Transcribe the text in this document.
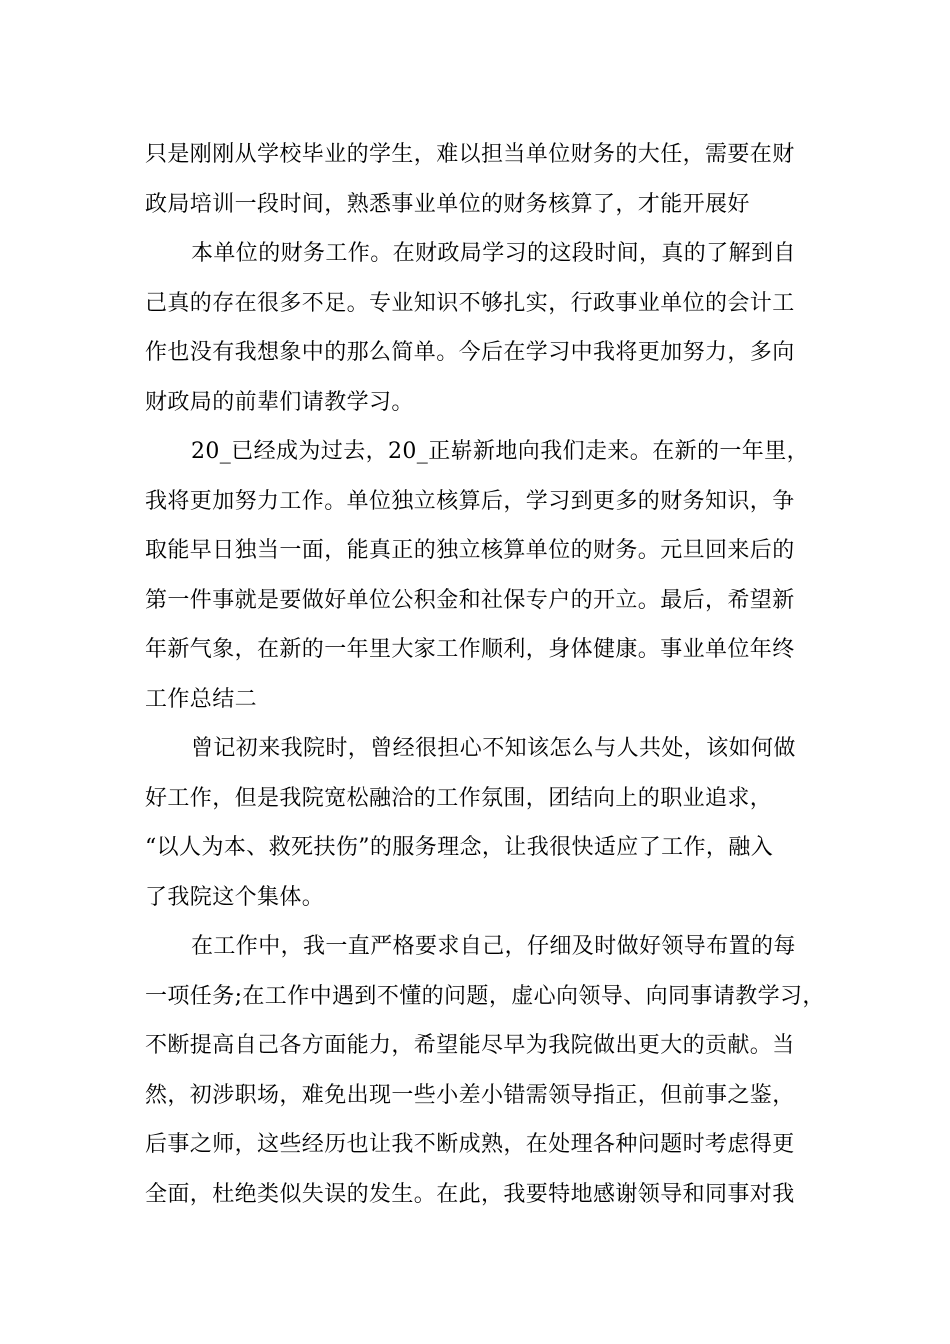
只是刚刚从学校毕业的学生，难以担当单位财务的大任，需要在财
政局培训一段时间，熟悉事业单位的财务核算了，才能开展好
本单位的财务工作。在财政局学习的这段时间，真的了解到自
己真的存在很多不足。专业知识不够扎实，行政事业单位的会计工
作也没有我想象中的那么简单。今后在学习中我将更加努力，多向
财政局的前辈们请教学习。
20_已经成为过去，20_正崭新地向我们走来。在新的一年里，
我将更加努力工作。单位独立核算后，学习到更多的财务知识，争
取能早日独当一面，能真正的独立核算单位的财务。元旦回来后的
第一件事就是要做好单位公积金和社保专户的开立。最后，希望新
年新气象，在新的一年里大家工作顺利，身体健康。事业单位年终
工作总结二
曾记初来我院时，曾经很担心不知该怎么与人共处，该如何做
好工作，但是我院宽松融洽的工作氛围，团结向上的职业追求，
“以人为本、救死扶伤”的服务理念，让我很快适应了工作，融入
了我院这个集体。
在工作中，我一直严格要求自己，仔细及时做好领导布置的每
一项任务;在工作中遇到不懂的问题，虚心向领导、向同事请教学习，
不断提高自己各方面能力，希望能尽早为我院做出更大的贡献。当
然，初涉职场，难免出现一些小差小错需领导指正，但前事之鉴，
后事之师，这些经历也让我不断成熟，在处理各种问题时考虑得更
全面，杜绝类似失误的发生。在此，我要特地感谢领导和同事对我
